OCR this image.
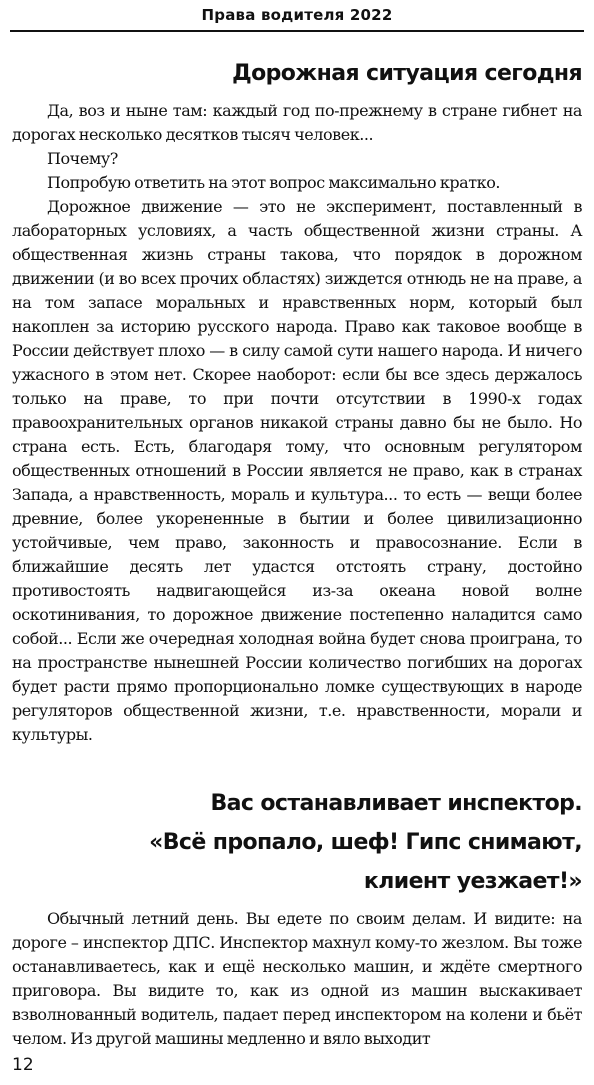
Права водителя 2022
Дорожная ситуация сегодня

Да, воз и ныне там: каждый год по-прежнему в стране гибнет на дорогах несколько десятков тысяч человек...

Почему?

Попробую ответить на этот вопрос максимально кратко.

Дорожное движение — это не эксперимент, поставленный в лабораторных условиях, а часть общественной жизни страны. А общественная жизнь страны такова, что порядок в дорожном движении (и во всех прочих областях) зиждется отнюдь не на праве, а на том запасе моральных и нравственных норм, который был накоплен за историю русского народа. Право как таковое вообще в России действует плохо — в силу самой сути нашего народа. И ничего ужасного в этом нет. Скорее наоборот: если бы все здесь держалось только на праве, то при почти отсутствии в 1990-х годах правоохранительных органов никакой страны давно бы не было. Но страна есть. Есть, благодаря тому, что основным регулятором общественных отношений в России является не право, как в странах Запада, а нравственность, мораль и культура... то есть — вещи более древние, более укорененные в бытии и более цивилизационно устойчивые, чем право, законность и правосознание. Если в ближайшие десять лет удастся отстоять страну, достойно противостоять надвигающейся из-за океана новой волне оскотинивания, то дорожное движение постепенно наладится само собой... Если же очередная холодная война будет снова проиграна, то на пространстве нынешней России количество погибших на дорогах будет расти прямо пропорционально ломке существующих в народе регуляторов общественной жизни, т.е. нравственности, морали и культуры.

Вас останавливает инспектор.
«Всё пропало, шеф! Гипс снимают,
клиент уезжает!»

Обычный летний день. Вы едете по своим делам. И видите: на дороге – инспектор ДПС. Инспектор махнул кому-то жезлом. Вы тоже останавливаетесь, как и ещё несколько машин, и ждёте смертного приговора. Вы видите то, как из одной из машин выскакивает взволнованный водитель, падает перед инспектором на колени и бьёт челом. Из другой машины медленно и вяло выходит

12
